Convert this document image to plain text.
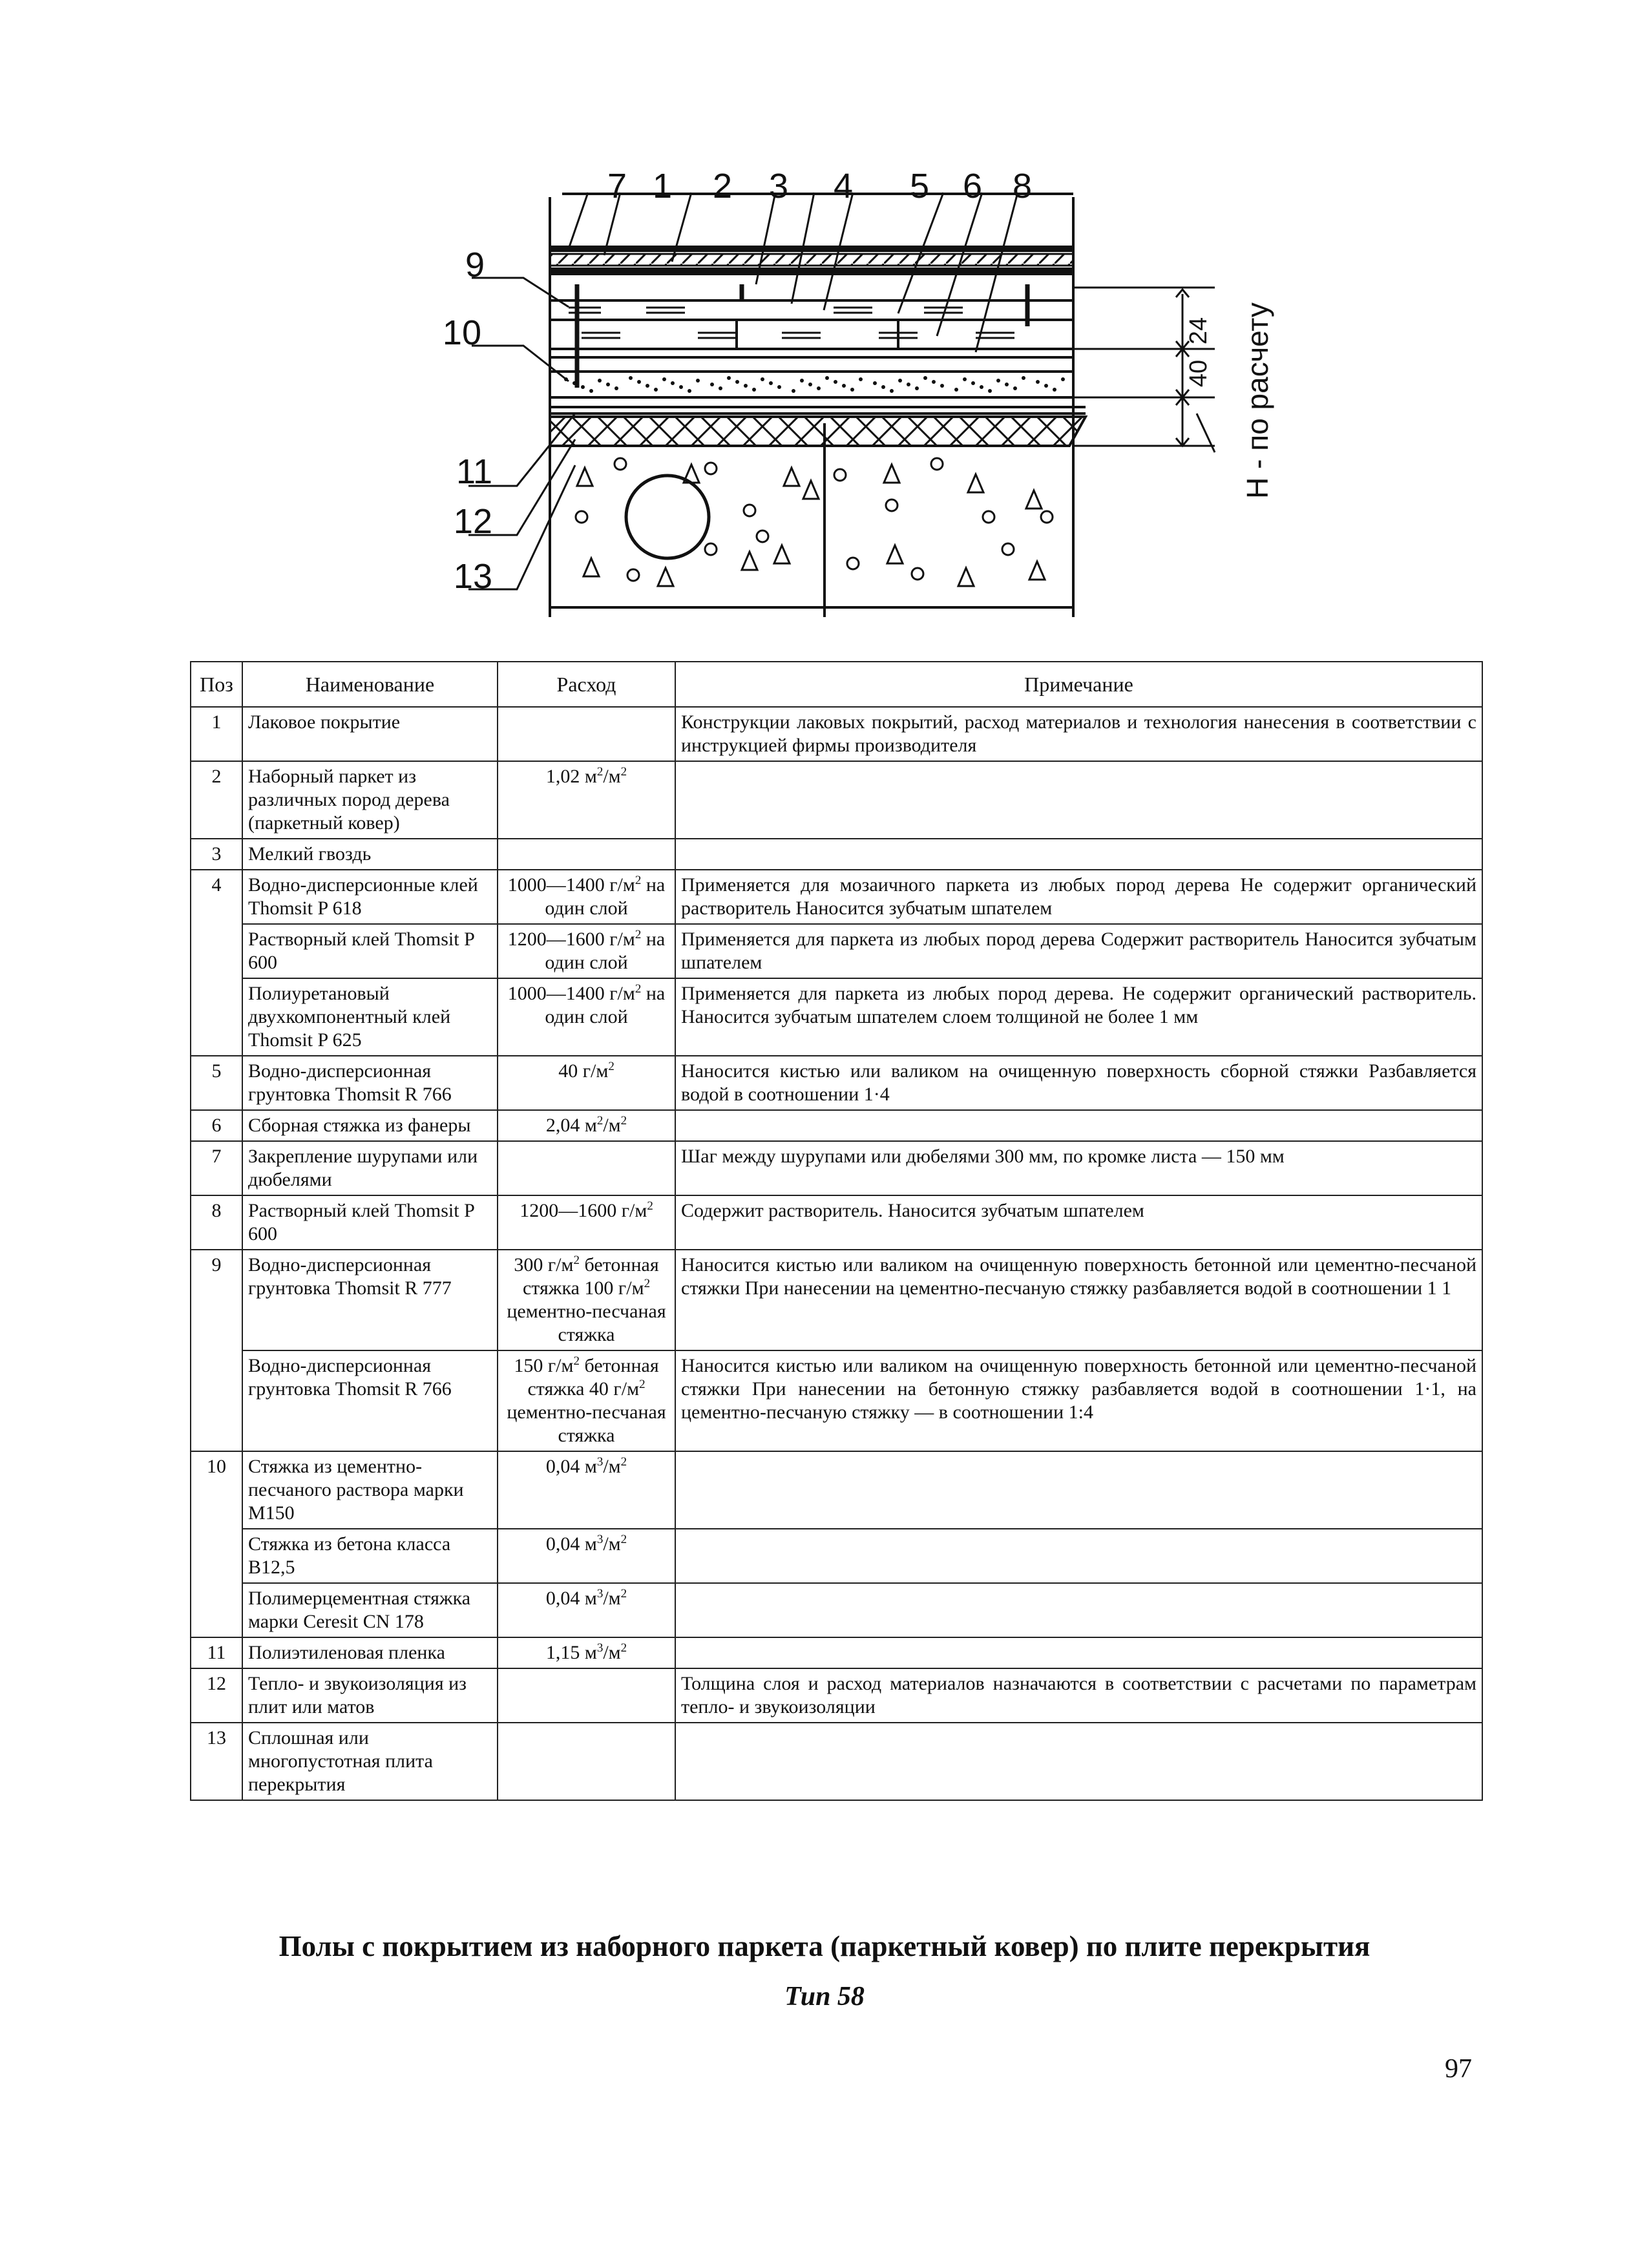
7 1 2 3 4 5 6 8
9
10
11
12
13
24
40 Н - по расчету
Поз	Наименование	Расход	Примечание
1	Лаковое покрытие		Конструкции лаковых покрытий, расход материалов и технология нанесения в соответствии с инструкцией фирмы производителя
2	Наборный паркет из различных пород дерева (паркетный ковер)	1,02 $м^2/м^2$	
3	Мелкий гвоздь		
4	Водно-дисперсионные клей Thomsit P 618	1000—1400 $г/м^2$ на один слой	Применяется для мозаичного паркета из любых пород дерева Не содержит органический растворитель Наносится зубчатым шпателем
	Растворный клей Thomsit P 600	1200—1600 $г/м^2$ на один слой	Применяется для паркета из любых пород дерева Содержит растворитель Наносится зубчатым шпателем
	Полиуретановый двухкомпонентный клей Thomsit P 625	1000—1400 $г/м^2$ на один слой	Применяется для паркета из любых пород дерева. Не содержит органический растворитель. Наносится зубчатым шпателем слоем толщиной не более 1 мм
5	Водно-дисперсионная грунтовка Thomsit R 766	40 $г/м^2$	Наносится кистью или валиком на очищенную поверхность сборной стяжки Разбавляется водой в соотношении 1·4
6	Сборная стяжка из фанеры	2,04 $м^2/м^2$	
7	Закрепление шурупами или дюбелями		Шаг между шурупами или дюбелями 300 мм, по кромке листа — 150 мм
8	Растворный клей Thomsit P 600	1200—1600 $г/м^2$	Содержит растворитель. Наносится зубчатым шпателем
9	Водно-дисперсионная грунтовка Thomsit R 777	300 $г/м^2$ бетонная стяжка 100 $г/м^2$ цементно-песчаная стяжка	Наносится кистью или валиком на очищенную поверхность бетонной или цементно-песчаной стяжки При нанесении на цементно-песчаную стяжку разбавляется водой в соотношении 1 1
	Водно-дисперсионная грунтовка Thomsit R 766	150 $г/м^2$ бетонная стяжка 40 $г/м^2$ цементно-песчаная стяжка	Наносится кистью или валиком на очищенную поверхность бетонной или цементно-песчаной стяжки При нанесении на бетонную стяжку разбавляется водой в соотношении 1·1, на цементно-песчаную стяжку — в соотношении 1:4
10	Стяжка из цементно-песчаного раствора марки М150	0,04 $м^3/м^2$	
	Стяжка из бетона класса В12,5	0,04 $м^3/м^2$	
	Полимерцементная стяжка марки Ceresit CN 178	0,04 $м^3/м^2$	
11	Полиэтиленовая пленка	1,15 $м^3/м^2$	
12	Тепло- и звукоизоляция из плит или матов		Толщина слоя и расход материалов назначаются в соответствии с расчетами по параметрам тепло- и звукоизоляции
13	Сплошная или многопустотная плита перекрытия		
Полы с покрытием из наборного паркета (паркетный ковер) по плите перекрытия
Тип 58
97
